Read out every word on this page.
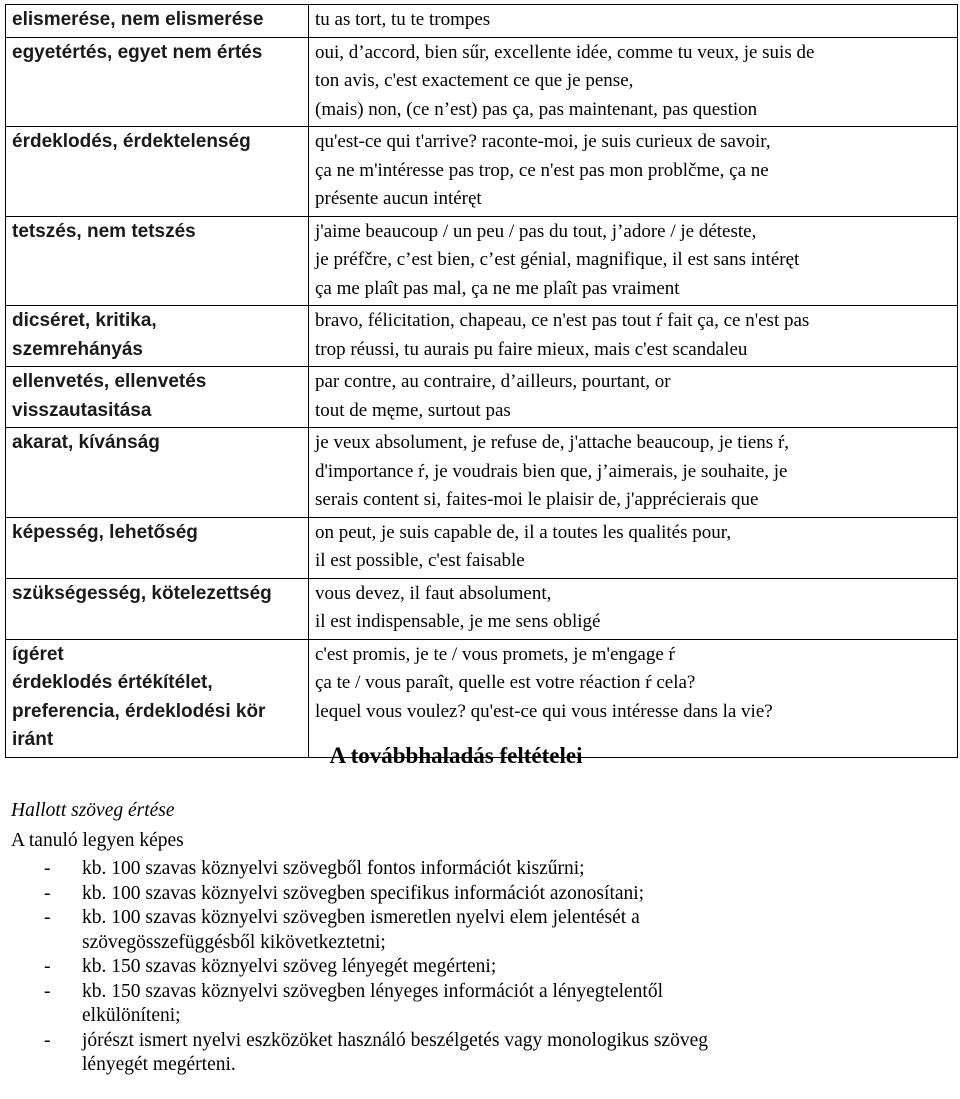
elismerése, nem elismerése	tu as tort, tu te trompes

egyetértés, egyet nem értés	oui, d’accord, bien sűr, excellente idée, comme tu veux, je suis de
ton avis, c'est exactement ce que je pense,
(mais) non, (ce n’est) pas ça, pas maintenant, pas question

érdeklodés, érdektelenség	qu'est-ce qui t'arrive? raconte-moi, je suis curieux de savoir,
ça ne m'intéresse pas trop, ce n'est pas mon problčme, ça ne
présente aucun intéręt

tetszés, nem tetszés	j'aime beaucoup / un peu / pas du tout, j’adore / je déteste,
je préfčre, c’est bien, c’est génial, magnifique, il est sans intéręt
ça me plaît pas mal, ça ne me plaît pas vraiment

dicséret, kritika,
szemrehányás	bravo, félicitation, chapeau, ce n'est pas tout ŕ fait ça, ce n'est pas
trop réussi, tu aurais pu faire mieux, mais c'est scandaleu

ellenvetés, ellenvetés
visszautasitása	par contre, au contraire, d’ailleurs, pourtant, or
tout de męme, surtout pas

akarat, kívánság	je veux absolument, je refuse de, j'attache beaucoup, je tiens ŕ,
d'importance ŕ, je voudrais bien que, j’aimerais, je souhaite, je
serais content si, faites-moi le plaisir de, j'apprécierais que

képesség, lehetőség	on peut, je suis capable de, il a toutes les qualités pour,
il est possible, c'est faisable

szükségesség, kötelezettség	vous devez, il faut absolument,
il est indispensable, je me sens obligé

ígéret
érdeklodés értékítélet,
preferencia, érdeklodési kör
iránt	c'est promis, je te / vous promets, je m'engage ŕ
ça te / vous paraît, quelle est votre réaction ŕ cela?
lequel vous voulez? qu'est-ce qui vous intéresse dans la vie?
A továbbhaladás feltételei
Hallott szöveg értése
A tanuló legyen képes
- kb. 100 szavas köznyelvi szövegből fontos információt kiszűrni;
- kb. 100 szavas köznyelvi szövegben specifikus információt azonosítani;
- kb. 100 szavas köznyelvi szövegben ismeretlen nyelvi elem jelentését a
szövegösszefüggésből kikövetkeztetni;
- kb. 150 szavas köznyelvi szöveg lényegét megérteni;
- kb. 150 szavas köznyelvi szövegben lényeges információt a lényegtelentől
elkülöníteni;
- jórészt ismert nyelvi eszközöket használó beszélgetés vagy monologikus szöveg
lényegét megérteni.
